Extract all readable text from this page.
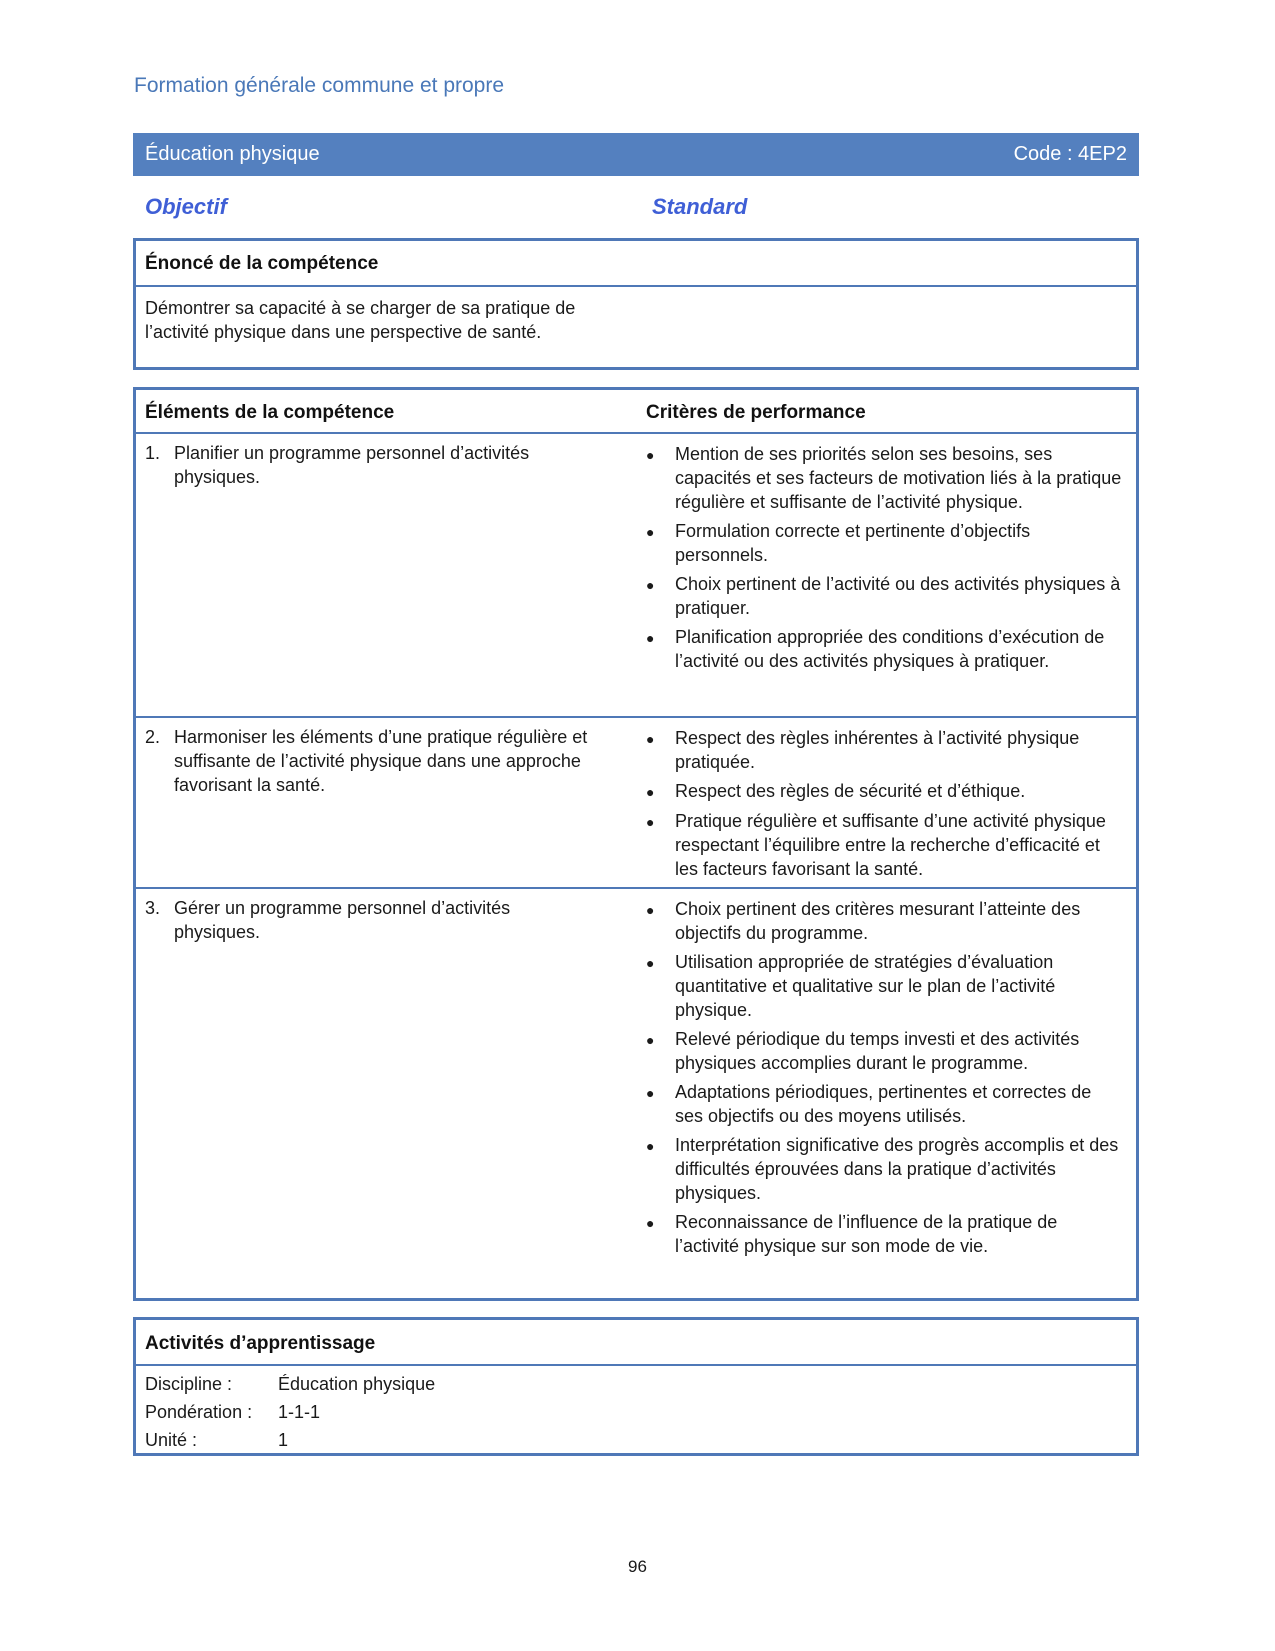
Formation générale commune et propre
Éducation physique	Code : 4EP2
Objectif	Standard
Énoncé de la compétence
Démontrer sa capacité à se charger de sa pratique de l’activité physique dans une perspective de santé.
Éléments de la compétence	Critères de performance
1. Planifier un programme personnel d’activités physiques.
●	Mention de ses priorités selon ses besoins, ses capacités et ses facteurs de motivation liés à la pratique régulière et suffisante de l’activité physique.
●	Formulation correcte et pertinente d’objectifs personnels.
●	Choix pertinent de l’activité ou des activités physiques à pratiquer.
●	Planification appropriée des conditions d’exécution de l’activité ou des activités physiques à pratiquer.
2. Harmoniser les éléments d’une pratique régulière et suffisante de l’activité physique dans une approche favorisant la santé.
●	Respect des règles inhérentes à l’activité physique pratiquée.
●	Respect des règles de sécurité et d’éthique.
●	Pratique régulière et suffisante d’une activité physique respectant l’équilibre entre la recherche d’efficacité et les facteurs favorisant la santé.
3. Gérer un programme personnel d’activités physiques.
●	Choix pertinent des critères mesurant l’atteinte des objectifs du programme.
●	Utilisation appropriée de stratégies d’évaluation quantitative et qualitative sur le plan de l’activité physique.
●	Relevé périodique du temps investi et des activités physiques accomplies durant le programme.
●	Adaptations périodiques, pertinentes et correctes de ses objectifs ou des moyens utilisés.
●	Interprétation significative des progrès accomplis et des difficultés éprouvées dans la pratique d’activités physiques.
●	Reconnaissance de l’influence de la pratique de l’activité physique sur son mode de vie.
Activités d’apprentissage
Discipline :	Éducation physique
Pondération :	1-1-1
Unité :	1
96
